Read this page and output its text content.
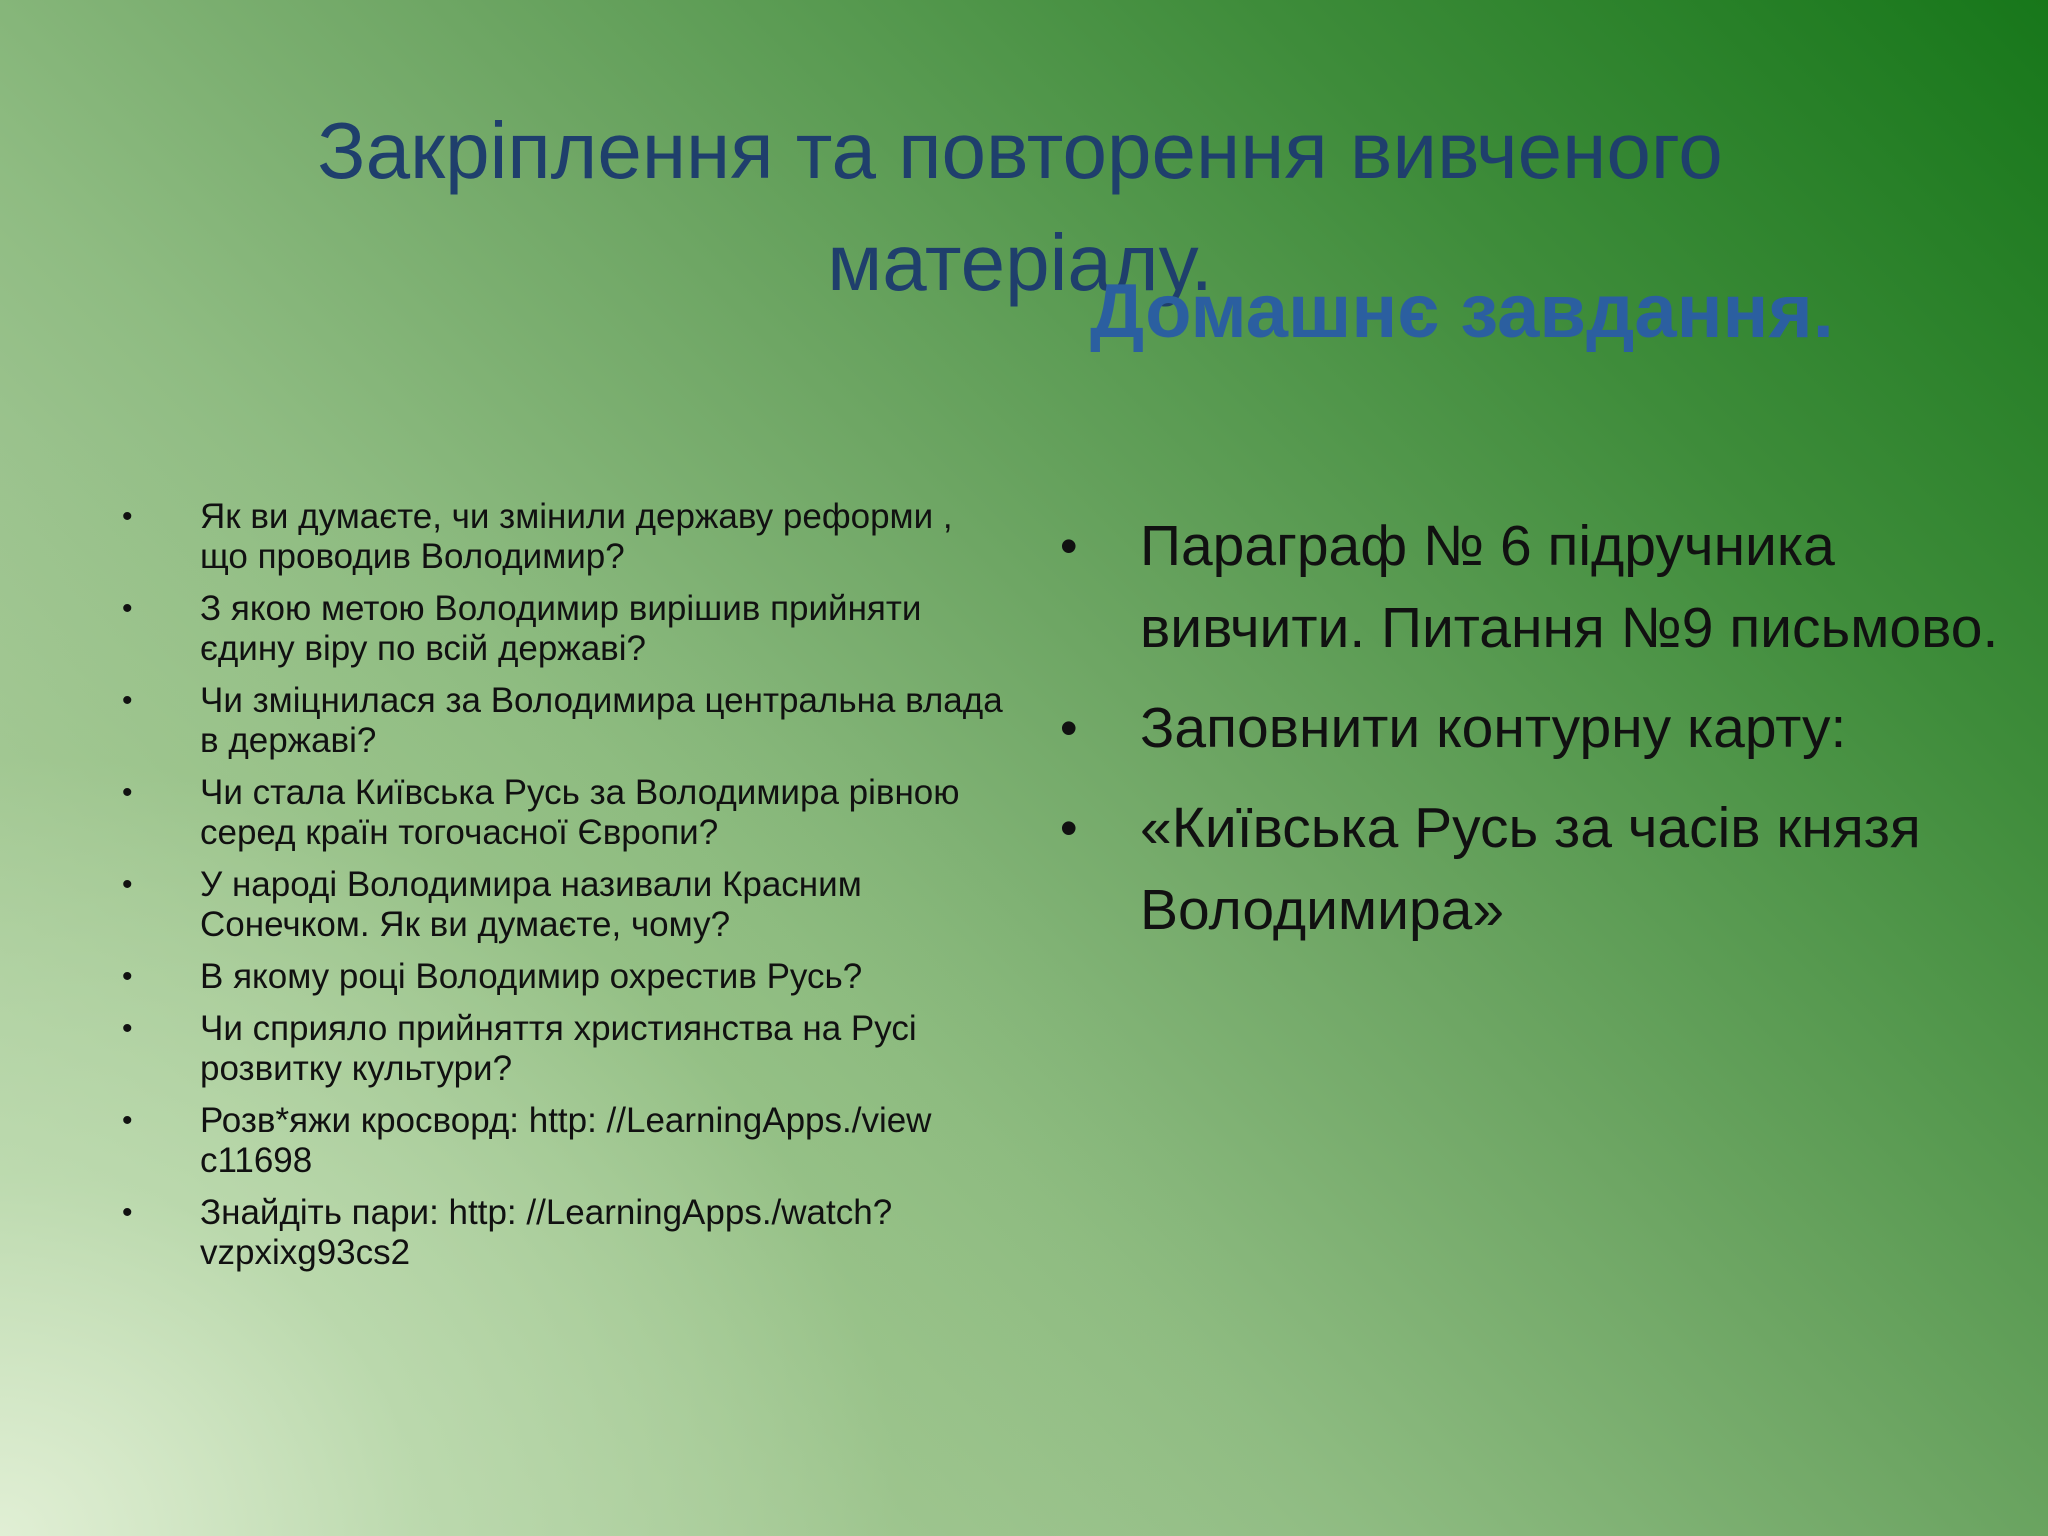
Закріплення та повторення вивченого матеріалу.
Домашнє завдання.
• Як ви думаєте, чи змінили державу реформи , що проводив Володимир?
• З якою метою Володимир вирішив прийняти єдину віру по всій державі?
• Чи зміцнилася за Володимира центральна влада в державі?
• Чи стала Київська Русь за Володимира рівною серед країн тогочасної Європи?
• У народі Володимира називали Красним Сонечком. Як ви думаєте, чому?
• В якому році Володимир охрестив Русь?
• Чи сприяло прийняття християнства на Русі розвитку культури?
• Розв*яжи кросворд: http: //LearningApps./view c11698
• Знайдіть пари: http: //LearningApps./watch?vzpxixg93cs2
• Параграф № 6 підручника вивчити. Питання №9 письмово.
• Заповнити контурну карту:
• «Київська Русь за часів князя Володимира»
